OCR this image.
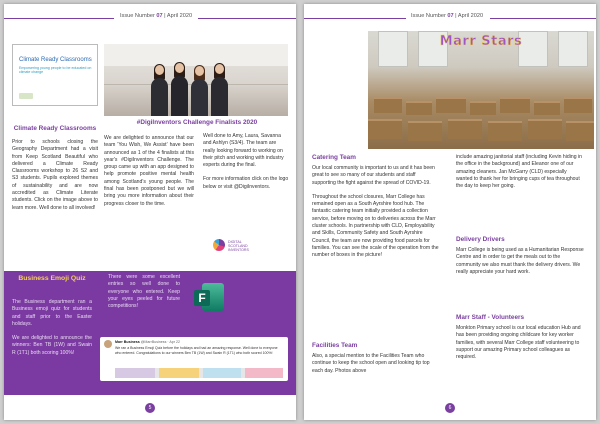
Issue Number 07 | April 2020
Climate Ready Classrooms
Empowering young people to be educated on climate change
Climate Ready Classrooms
Prior to schools closing the Geography Department had a visit from Keep Scotland Beautiful who delivered a Climate Ready Classrooms workshop to 26 S2 and S3 students. Pupils explored themes of sustainability and are now accredited as Climate Literate students. Click on the image above to learn more. Well done to all involved!
#DigiInventors Challenge Finalists 2020
We are delighted to announce that our team 'You Wish, We Assist' have been announced as 1 of the 4 finalists at this year's #DigiInventors Challenge. The group came up with an app designed to help promote positive mental health among Scotland's young people. The final has been postponed but we will bring you more information about their progress closer to the time.
Well done to Amy, Laura, Savanna and Ashlyn (S3/4). The team are really looking forward to working on their pitch and working with industry experts during the final.
For more information click on the logo below or visit @DigiInventors.
DIGITAL
SCOTLAND
INVENTORS
Business Emoji Quiz
The Business department ran a Business emoji quiz for students and staff prior to the Easter holidays.
We are delighted to announce the winners: Ben TB (1W) and Swain R (1T1) both scoring 100%!
There were some excellent entries so well done to everyone who entered. Keep your eyes peeled for future competitions!
F
Marr Business @MarrBusiness · Apr 22
We ran a Business Emoji Quiz before the holidays and had an amazing response. Well done to everyone who entered. Congratulations to our winners Ben TB (1W) and Swain R (1T1) who both scored 100%!
5
Issue Number 07 | April 2020
Marr Stars
Catering Team
Our local community is important to us and it has been great to see so many of our students and staff supporting the fight against the spread of COVID-19.
Throughout the school closures, Marr College has remained open as a South Ayrshire food hub. The fantastic catering team initially provided a collection service, before moving on to deliveries across the Marr cluster schools. In partnership with CLD, Employability and Skills, Community Safety and South Ayrshire Council, the team are now providing food parcels for families. You can see the scale of the operation from the number of boxes in the picture!
Facilities Team
Also, a special mention to the Facilities Team who continue to keep the school open and looking tip top each day. Photos above
include amazing janitorial staff (including Kevin hiding in the office in the background) and Eleanor one of our amazing cleaners. Jan McGarry (CLD) especially wanted to thank her for bringing cups of tea throughout the day to keep her going.
Delivery Drivers
Marr College is being used as a Humanitarian Response Centre and in order to get the meals out to the community we also must thank the delivery drivers. We really appreciate your hard work.
Marr Staff - Volunteers
Monkton Primary school is our local education Hub and has been providing ongoing childcare for key worker families, with several Marr College staff volunteering to support our amazing Primary school colleagues as required.
6
